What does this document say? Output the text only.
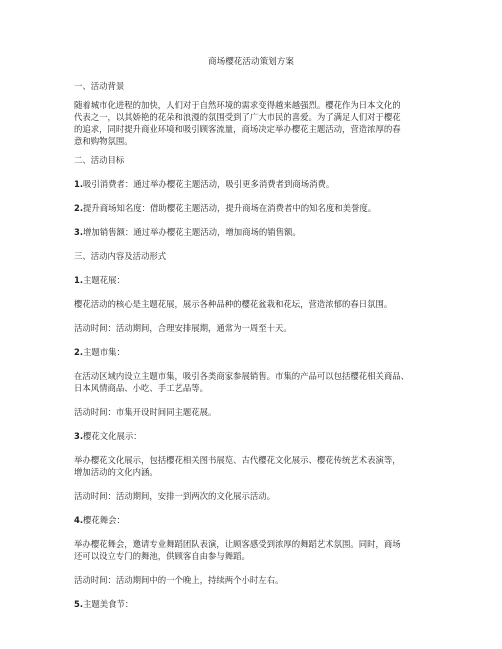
商场樱花活动策划方案
一、活动背景
随着城市化进程的加快，人们对于自然环境的需求变得越来越强烈。樱花作为日本文化的
代表之一，以其娇艳的花朵和浪漫的氛围受到了广大市民的喜爱。为了满足人们对于樱花
的追求，同时提升商业环境和吸引顾客流量，商场决定举办樱花主题活动，营造浓厚的春
意和购物氛围。
二、活动目标
1.吸引消费者：通过举办樱花主题活动，吸引更多消费者到商场消费。
2.提升商场知名度：借助樱花主题活动，提升商场在消费者中的知名度和美誉度。
3.增加销售额：通过举办樱花主题活动，增加商场的销售额。
三、活动内容及活动形式
1.主题花展：
樱花活动的核心是主题花展，展示各种品种的樱花盆栽和花坛，营造浓郁的春日氛围。
活动时间：活动期间，合理安排展期，通常为一周至十天。
2.主题市集：
在活动区域内设立主题市集，吸引各类商家参展销售。市集的产品可以包括樱花相关商品、
日本风情商品、小吃、手工艺品等。
活动时间：市集开设时间同主题花展。
3.樱花文化展示：
举办樱花文化展示，包括樱花相关图书展览、古代樱花文化展示、樱花传统艺术表演等，
增加活动的文化内涵。
活动时间：活动期间，安排一到两次的文化展示活动。
4.樱花舞会：
举办樱花舞会，邀请专业舞蹈团队表演，让顾客感受到浓厚的舞蹈艺术氛围。同时，商场
还可以设立专门的舞池，供顾客自由参与舞蹈。
活动时间：活动期间中的一个晚上，持续两个小时左右。
5.主题美食节：
